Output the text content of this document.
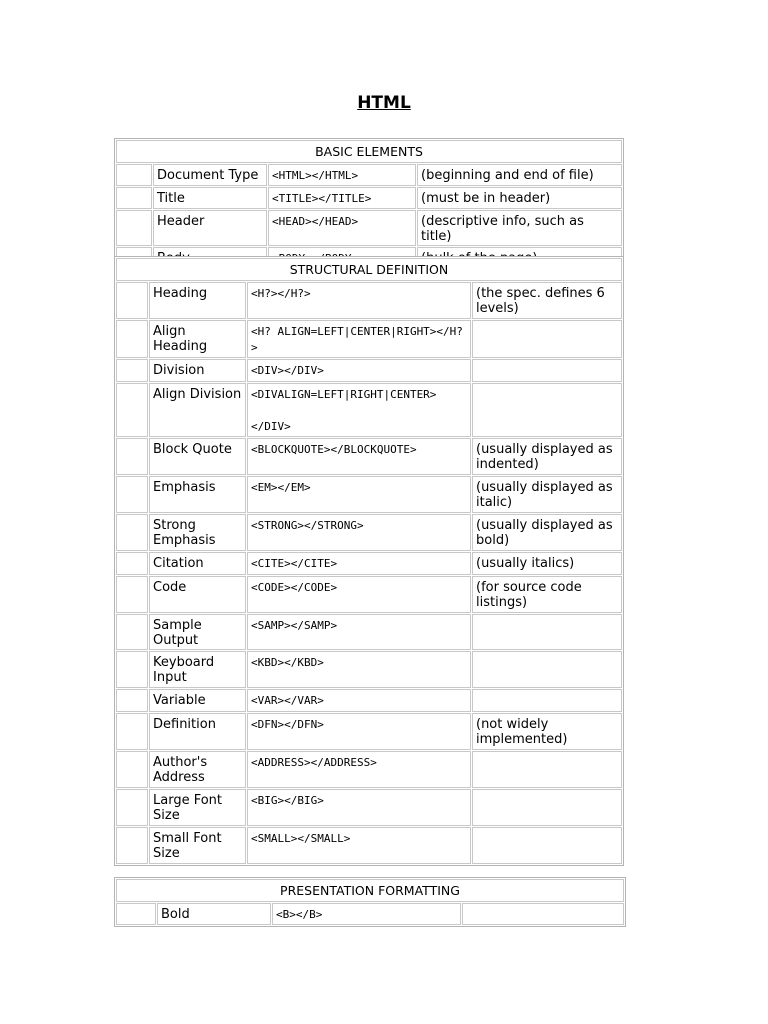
HTML
BASIC ELEMENTS			
	Document Type	<HTML></HTML>	(beginning and end of file)
	Title	<TITLE></TITLE>	(must be in header)
	Header	<HEAD></HEAD>	(descriptive info, such as title)

STRUCTURAL DEFINITION			
	Heading	<H?></H?>	(the spec. defines 6 levels)
	Align Heading	<H? ALIGN=LEFT|CENTER|RIGHT></H?>	
	Division	<DIV></DIV>	
	Align Division	<DIVALIGN=LEFT|RIGHT|CENTER>
</DIV>	

	Block Quote	<BLOCKQUOTE></BLOCKQUOTE>	(usually displayed as indented)
	Emphasis	<EM></EM>	(usually displayed as italic)
	Strong Emphasis	<STRONG></STRONG>	(usually displayed as bold)
	Citation	<CITE></CITE>	(usually italics)
	Code	<CODE></CODE>	(for source code listings)
	Sample Output	<SAMP></SAMP>	
	Keyboard Input	<KBD></KBD>	
	Variable	<VAR></VAR>	
	Definition	<DFN></DFN>	(not widely implemented)
	Author's Address	<ADDRESS></ADDRESS>	
	Large Font Size	<BIG></BIG>	
	Small Font Size	<SMALL></SMALL>	
PRESENTATION FORMATTING
	Bold	<B></B>	
